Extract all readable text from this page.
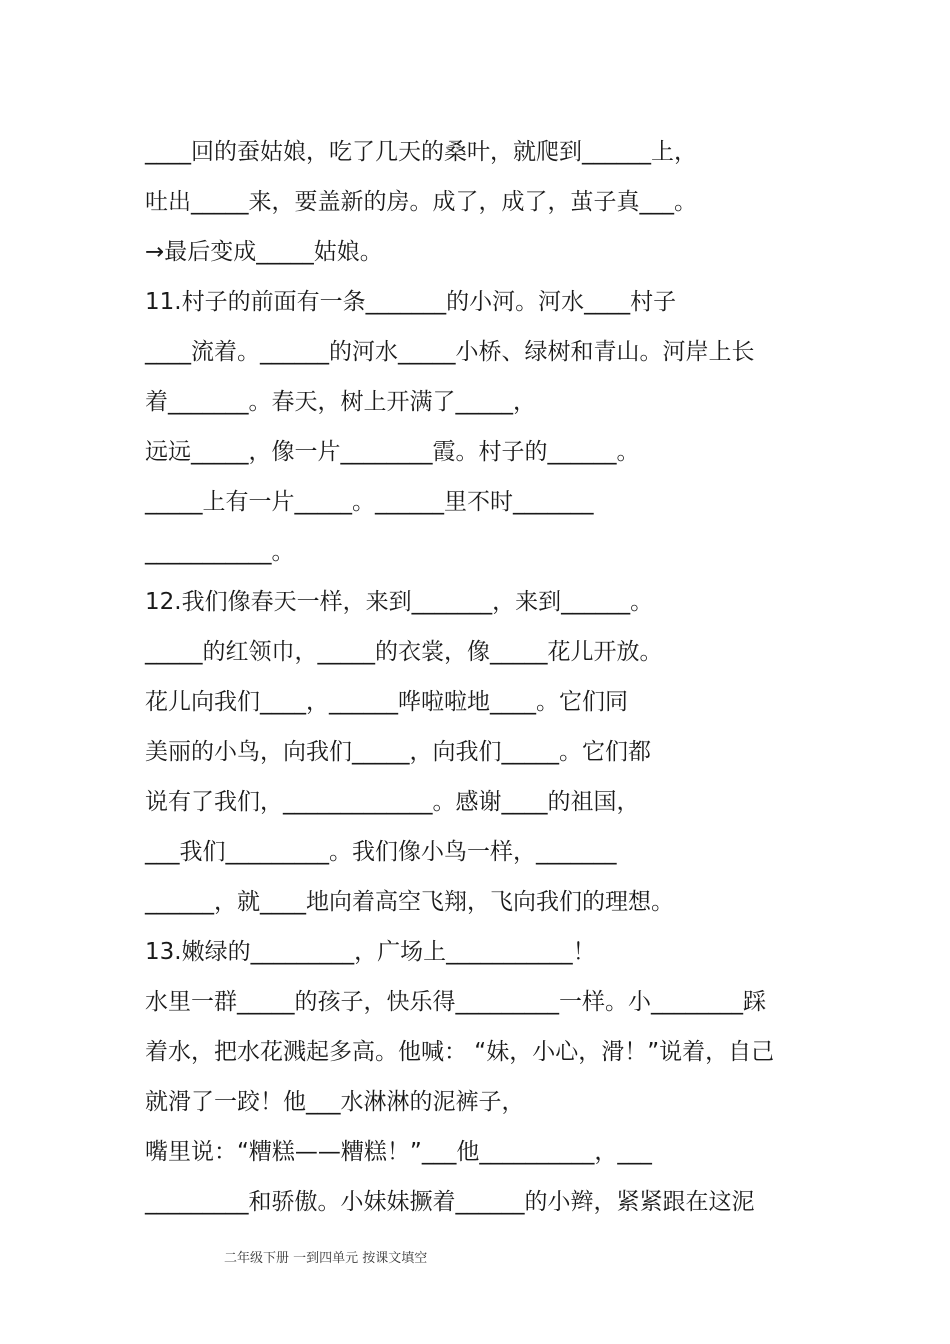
____回的蚕姑娘，吃了几天的桑叶，就爬到______上，
吐出_____来，要盖新的房。成了，成了，茧子真___。
→最后变成_____姑娘。
11.村子的前面有一条_______的小河。河水____村子
____流着。______的河水_____小桥、绿树和青山。河岸上长
着_______。春天，树上开满了_____，
远远_____，像一片________霞。村子的______。
_____上有一片_____。______里不时_______
___________。
12.我们像春天一样，来到_______，来到______。
_____的红领巾，_____的衣裳，像_____花儿开放。
花儿向我们____，______哗啦啦地____。它们同
美丽的小鸟，向我们_____，向我们_____。它们都
说有了我们，_____________。感谢____的祖国，
___我们_________。我们像小鸟一样，_______
______，就____地向着高空飞翔，飞向我们的理想。
13.嫩绿的_________，广场上___________！
水里一群_____的孩子，快乐得_________一样。小________踩
着水，把水花溅起多高。他喊： “妹，小心，滑！”说着，自己
就滑了一跤！他___水淋淋的泥裤子，
嘴里说：“糟糕——糟糕！”___他__________，___
_________和骄傲。小妹妹撅着______的小辫，紧紧跟在这泥
二年级下册 一到四单元 按课文填空
